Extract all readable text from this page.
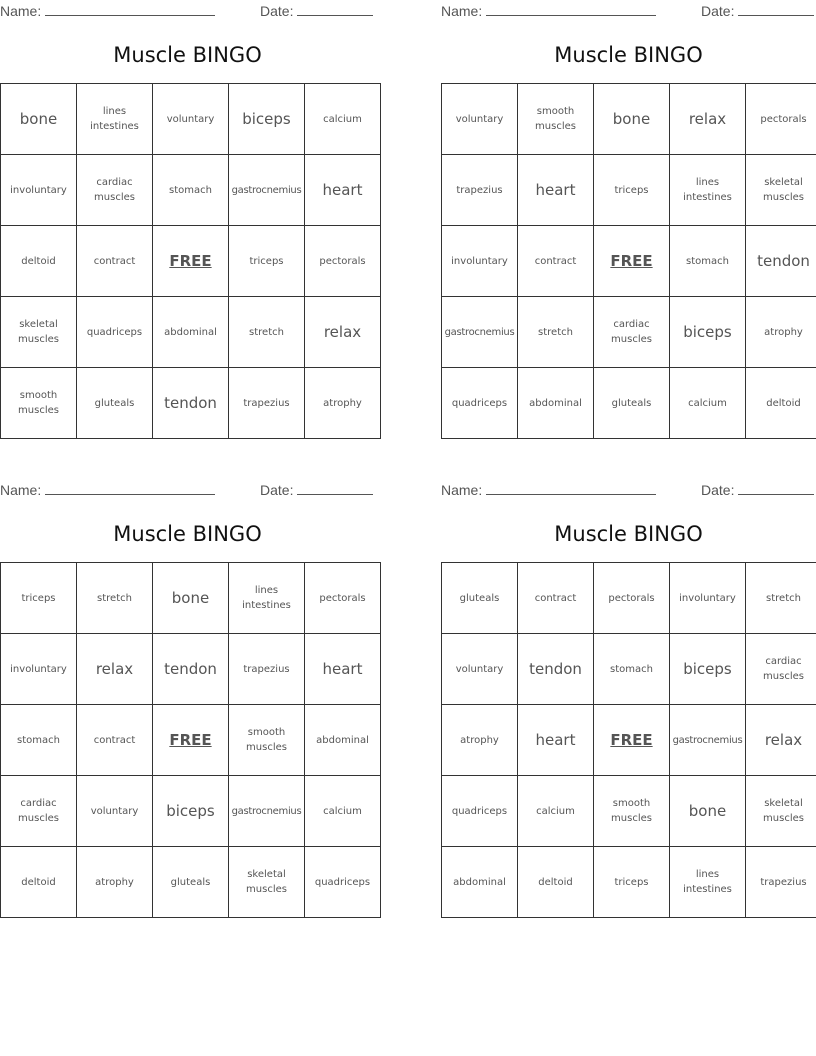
Name:	Date:
Muscle BINGO
bone	lines intestines	voluntary	biceps	calcium
involuntary	cardiac muscles	stomach	gastrocnemius	heart
deltoid	contract	FREE	triceps	pectorals
skeletal muscles	quadriceps	abdominal	stretch	relax
smooth muscles	gluteals	tendon	trapezius	atrophy
Name:	Date:
Muscle BINGO
voluntary	smooth muscles	bone	relax	pectorals
trapezius	heart	triceps	lines intestines	skeletal muscles
involuntary	contract	FREE	stomach	tendon
gastrocnemius	stretch	cardiac muscles	biceps	atrophy
quadriceps	abdominal	gluteals	calcium	deltoid
Name:	Date:
Muscle BINGO
triceps	stretch	bone	lines intestines	pectorals
involuntary	relax	tendon	trapezius	heart
stomach	contract	FREE	smooth muscles	abdominal
cardiac muscles	voluntary	biceps	gastrocnemius	calcium
deltoid	atrophy	gluteals	skeletal muscles	quadriceps
Name:	Date:
Muscle BINGO
gluteals	contract	pectorals	involuntary	stretch
voluntary	tendon	stomach	biceps	cardiac muscles
atrophy	heart	FREE	gastrocnemius	relax
quadriceps	calcium	smooth muscles	bone	skeletal muscles
abdominal	deltoid	triceps	lines intestines	trapezius
